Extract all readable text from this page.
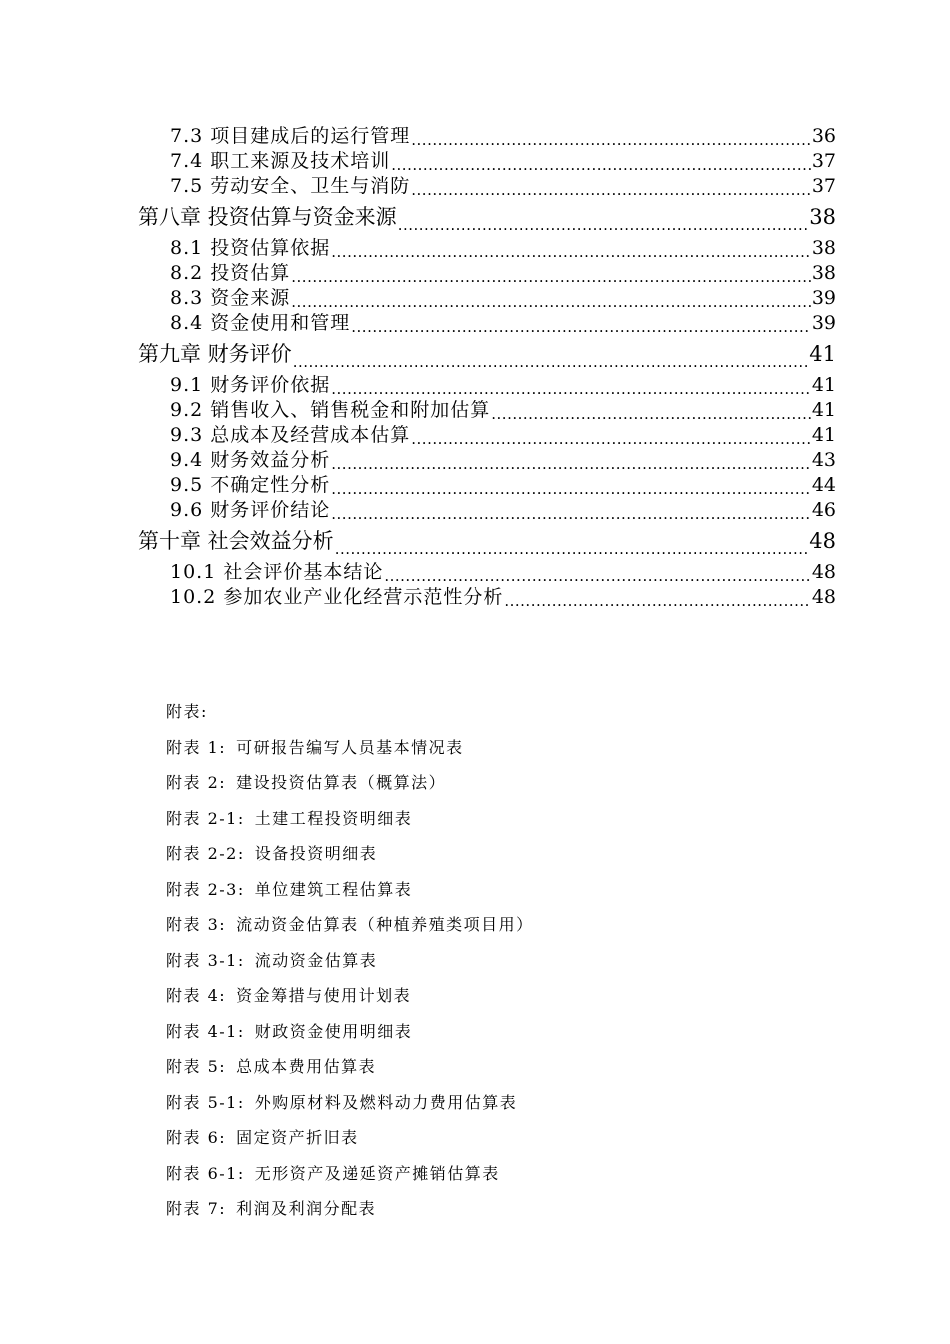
7.3 项目建成后的运行管理 .....	36
7.4 职工来源及技术培训 .....	37
7.5 劳动安全、卫生与消防 .....	37
第八章 投资估算与资金来源 .....	38
8.1 投资估算依据 .....	38
8.2 投资估算 .....	38
8.3 资金来源 .....	39
8.4 资金使用和管理 .....	39
第九章 财务评价 .....	41
9.1 财务评价依据 .....	41
9.2 销售收入、销售税金和附加估算 .....	41
9.3 总成本及经营成本估算 .....	41
9.4 财务效益分析 .....	43
9.5 不确定性分析 .....	44
9.6 财务评价结论 .....	46
第十章 社会效益分析 .....	48
10.1 社会评价基本结论 .....	48
10.2 参加农业产业化经营示范性分析 .....	48
附表:
附表 1: 可研报告编写人员基本情况表
附表 2: 建设投资估算表（概算法）
附表 2-1: 土建工程投资明细表
附表 2-2: 设备投资明细表
附表 2-3: 单位建筑工程估算表
附表 3: 流动资金估算表（种植养殖类项目用）
附表 3-1: 流动资金估算表
附表 4: 资金筹措与使用计划表
附表 4-1: 财政资金使用明细表
附表 5: 总成本费用估算表
附表 5-1: 外购原材料及燃料动力费用估算表
附表 6: 固定资产折旧表
附表 6-1: 无形资产及递延资产摊销估算表
附表 7: 利润及利润分配表
